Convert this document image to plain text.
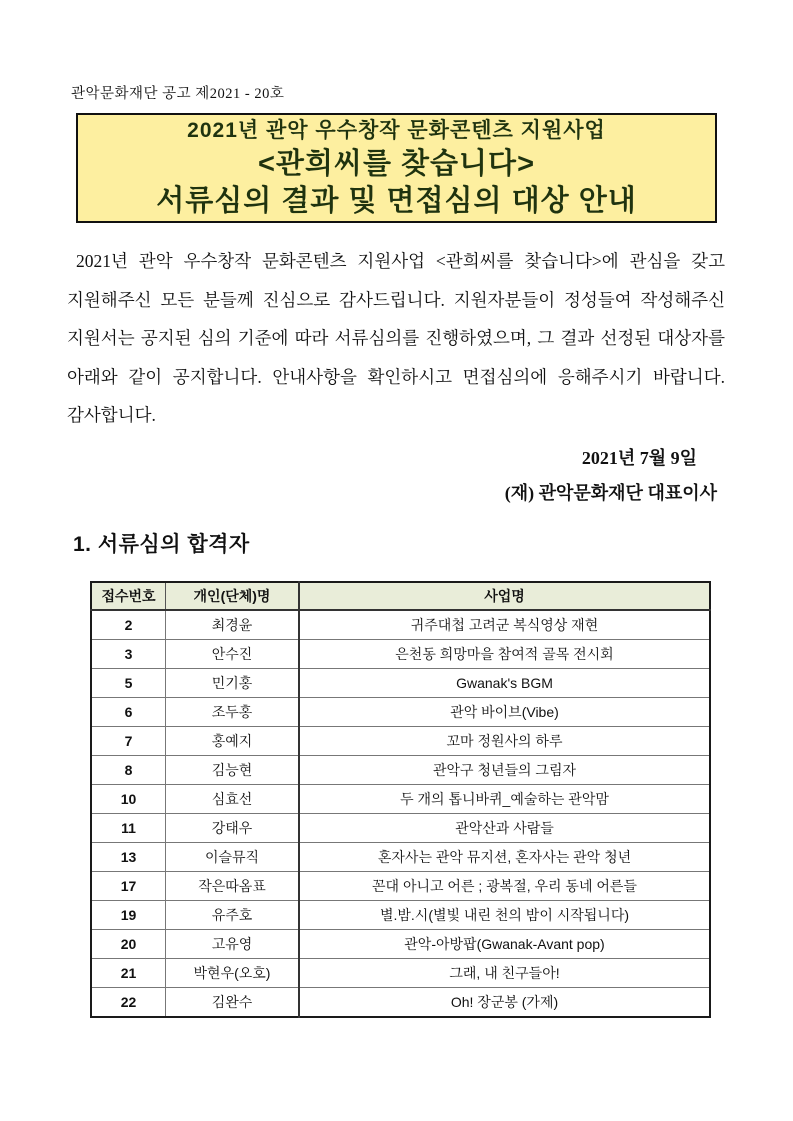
관악문화재단 공고 제2021 - 20호
2021년 관악 우수창작 문화콘텐츠 지원사업
<관희씨를 찾습니다>
서류심의 결과 및 면접심의 대상 안내

2021년 관악 우수창작 문화콘텐츠 지원사업 <관희씨를 찾습니다>에 관심을 갖고 지원해주신 모든 분들께 진심으로 감사드립니다. 지원자분들이 정성들여 작성해주신 지원서는 공지된 심의 기준에 따라 서류심의를 진행하였으며, 그 결과 선정된 대상자를 아래와 같이 공지합니다. 안내사항을 확인하시고 면접심의에 응해주시기 바랍니다. 감사합니다.

2021년 7월 9일
(재) 관악문화재단 대표이사
1. 서류심의 합격자
접수번호	개인(단체)명	사업명
2	최경윤	귀주대첩 고려군 복식영상 재현
3	안수진	은천동 희망마을 참여적 골목 전시회
5	민기홍	Gwanak's BGM
6	조두홍	관악 바이브(Vibe)
7	홍예지	꼬마 정원사의 하루
8	김능현	관악구 청년들의 그림자
10	심효선	두 개의 톱니바퀴_예술하는 관악맘
11	강태우	관악산과 사람들
13	이슬뮤직	혼자사는 관악 뮤지션, 혼자사는 관악 청년
17	작은따옴표	꼰대 아니고 어른 ; 광복절, 우리 동네 어른들
19	유주호	별.밤.시(별빛 내린 천의 밤이 시작됩니다)
20	고유영	관악-아방팝(Gwanak-Avant pop)
21	박현우(오호)	그래, 내 친구들아!
22	김완수	Oh! 장군봉 (가제)
